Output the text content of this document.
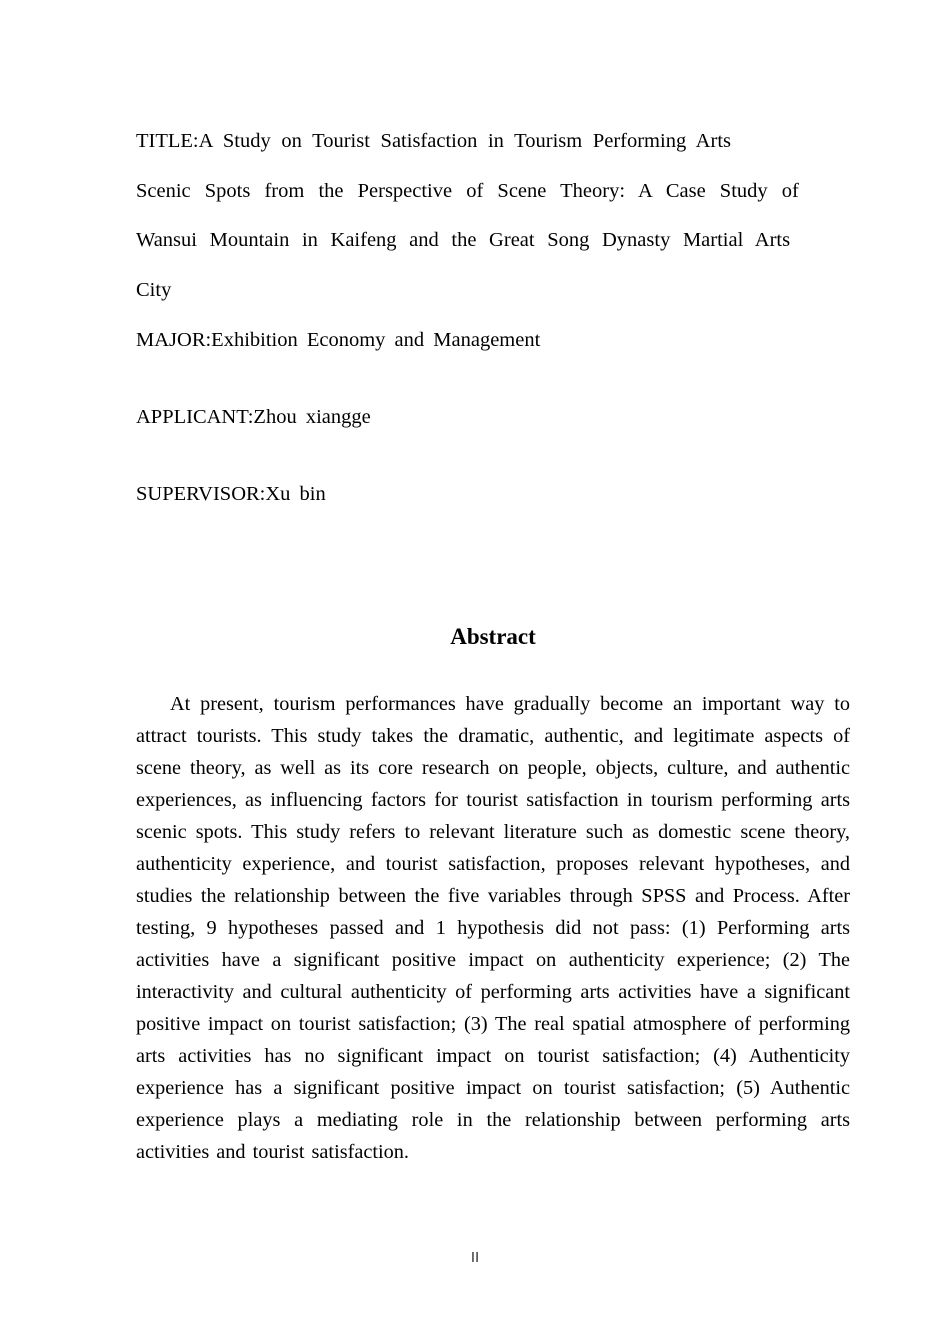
TITLE:A Study on Tourist Satisfaction in Tourism Performing Arts
Scenic Spots from the Perspective of Scene Theory: A Case Study of
Wansui Mountain in Kaifeng and the Great Song Dynasty Martial Arts
City
MAJOR:Exhibition Economy and Management
APPLICANT:Zhou xiangge
SUPERVISOR:Xu bin
Abstract

At present, tourism performances have gradually become an important way to attract tourists. This study takes the dramatic, authentic, and legitimate aspects of scene theory, as well as its core research on people, objects, culture, and authentic experiences, as influencing factors for tourist satisfaction in tourism performing arts scenic spots. This study refers to relevant literature such as domestic scene theory, authenticity experience, and tourist satisfaction, proposes relevant hypotheses, and studies the relationship between the five variables through SPSS and Process. After testing, 9 hypotheses passed and 1 hypothesis did not pass: (1) Performing arts activities have a significant positive impact on authenticity experience; (2) The interactivity and cultural authenticity of performing arts activities have a significant positive impact on tourist satisfaction; (3) The real spatial atmosphere of performing arts activities has no significant impact on tourist satisfaction; (4) Authenticity experience has a significant positive impact on tourist satisfaction; (5) Authentic experience plays a mediating role in the relationship between performing arts activities and tourist satisfaction.

II
